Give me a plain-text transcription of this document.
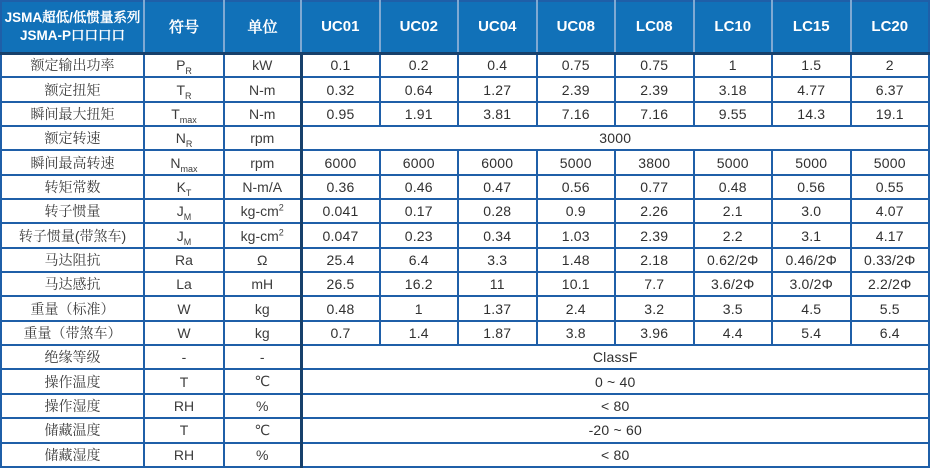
JSMA超低/低惯量系列
JSMA-P口口口口	符号	单位	UC01	UC02	UC04	UC08	LC08	LC10	LC15	LC20
额定输出功率	$P_R$	kW	0.1	0.2	0.4	0.75	0.75	1	1.5	2
额定扭矩	$T_R$	N-m	0.32	0.64	1.27	2.39	2.39	3.18	4.77	6.37
瞬间最大扭矩	$T_{max}$	N-m	0.95	1.91	3.81	7.16	7.16	9.55	14.3	19.1
额定转速	$N_R$	rpm	3000							
瞬间最高转速	$N_{max}$	rpm	6000	6000	6000	5000	3800	5000	5000	5000
转矩常数	$K_T$	N-m/A	0.36	0.46	0.47	0.56	0.77	0.48	0.56	0.55
转子惯量	$J_M$	$kg-cm^2$	0.041	0.17	0.28	0.9	2.26	2.1	3.0	4.07
转子惯量(带煞车)	$J_M$	$kg-cm^2$	0.047	0.23	0.34	1.03	2.39	2.2	3.1	4.17
马达阻抗	Ra	Ω	25.4	6.4	3.3	1.48	2.18	0.62/2Φ	0.46/2Φ	0.33/2Φ
马达感抗	La	mH	26.5	16.2	11	10.1	7.7	3.6/2Φ	3.0/2Φ	2.2/2Φ
重量（标准）	W	kg	0.48	1	1.37	2.4	3.2	3.5	4.5	5.5
重量（带煞车）	W	kg	0.7	1.4	1.87	3.8	3.96	4.4	5.4	6.4
绝缘等级	-	-	ClassF							
操作温度	T	℃	0 ~ 40							
操作湿度	RH	%	< 80							
储藏温度	T	℃	-20 ~ 60							
储藏湿度	RH	%	< 80							
